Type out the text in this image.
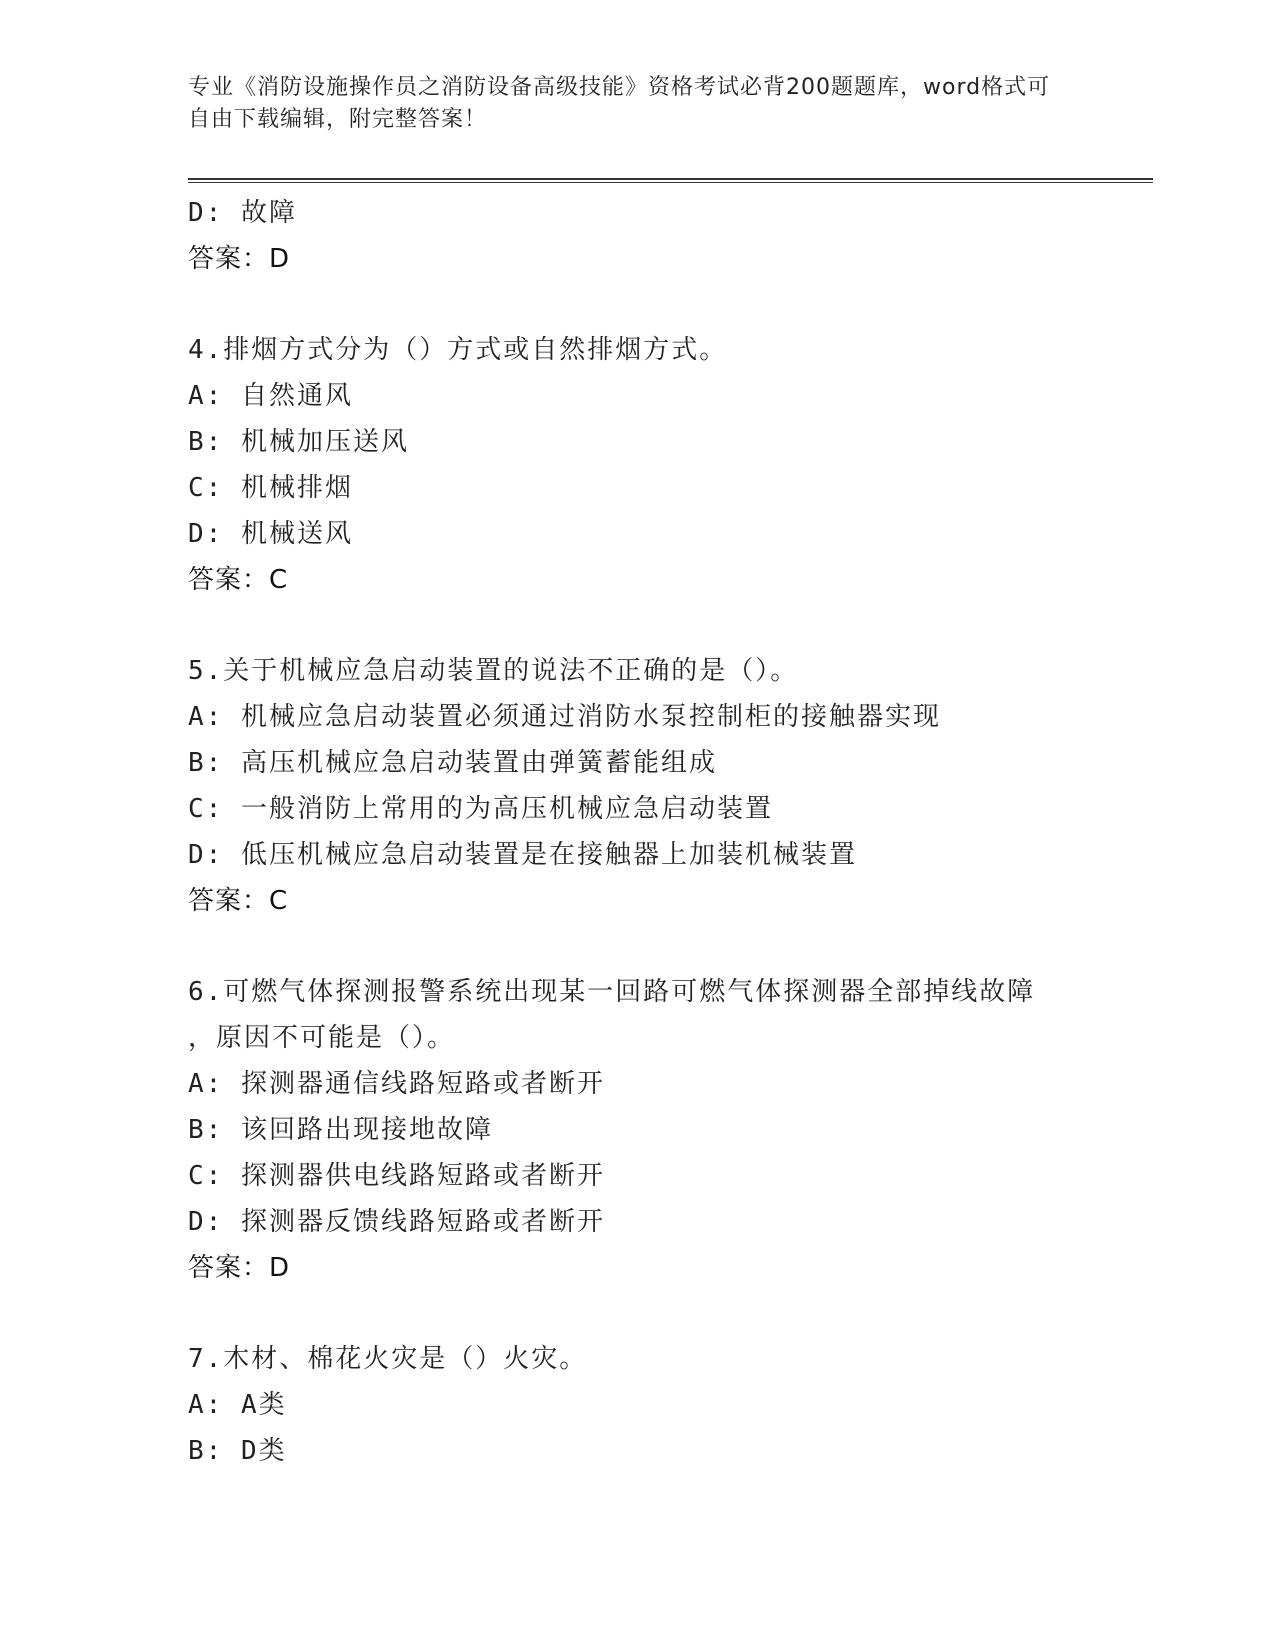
专业《消防设施操作员之消防设备高级技能》资格考试必背200题题库，word格式可自由下载编辑，附完整答案！
D: 故障
答案：D
4.排烟方式分为（）方式或自然排烟方式。
A: 自然通风
B: 机械加压送风
C: 机械排烟
D: 机械送风
答案：C
5.关于机械应急启动装置的说法不正确的是（）。
A: 机械应急启动装置必须通过消防水泵控制柜的接触器实现
B: 高压机械应急启动装置由弹簧蓄能组成
C: 一般消防上常用的为高压机械应急启动装置
D: 低压机械应急启动装置是在接触器上加装机械装置
答案：C
6.可燃气体探测报警系统出现某一回路可燃气体探测器全部掉线故障
，原因不可能是（）。
A: 探测器通信线路短路或者断开
B: 该回路出现接地故障
C: 探测器供电线路短路或者断开
D: 探测器反馈线路短路或者断开
答案：D
7.木材、棉花火灾是（）火灾。
A: A类
B: D类
